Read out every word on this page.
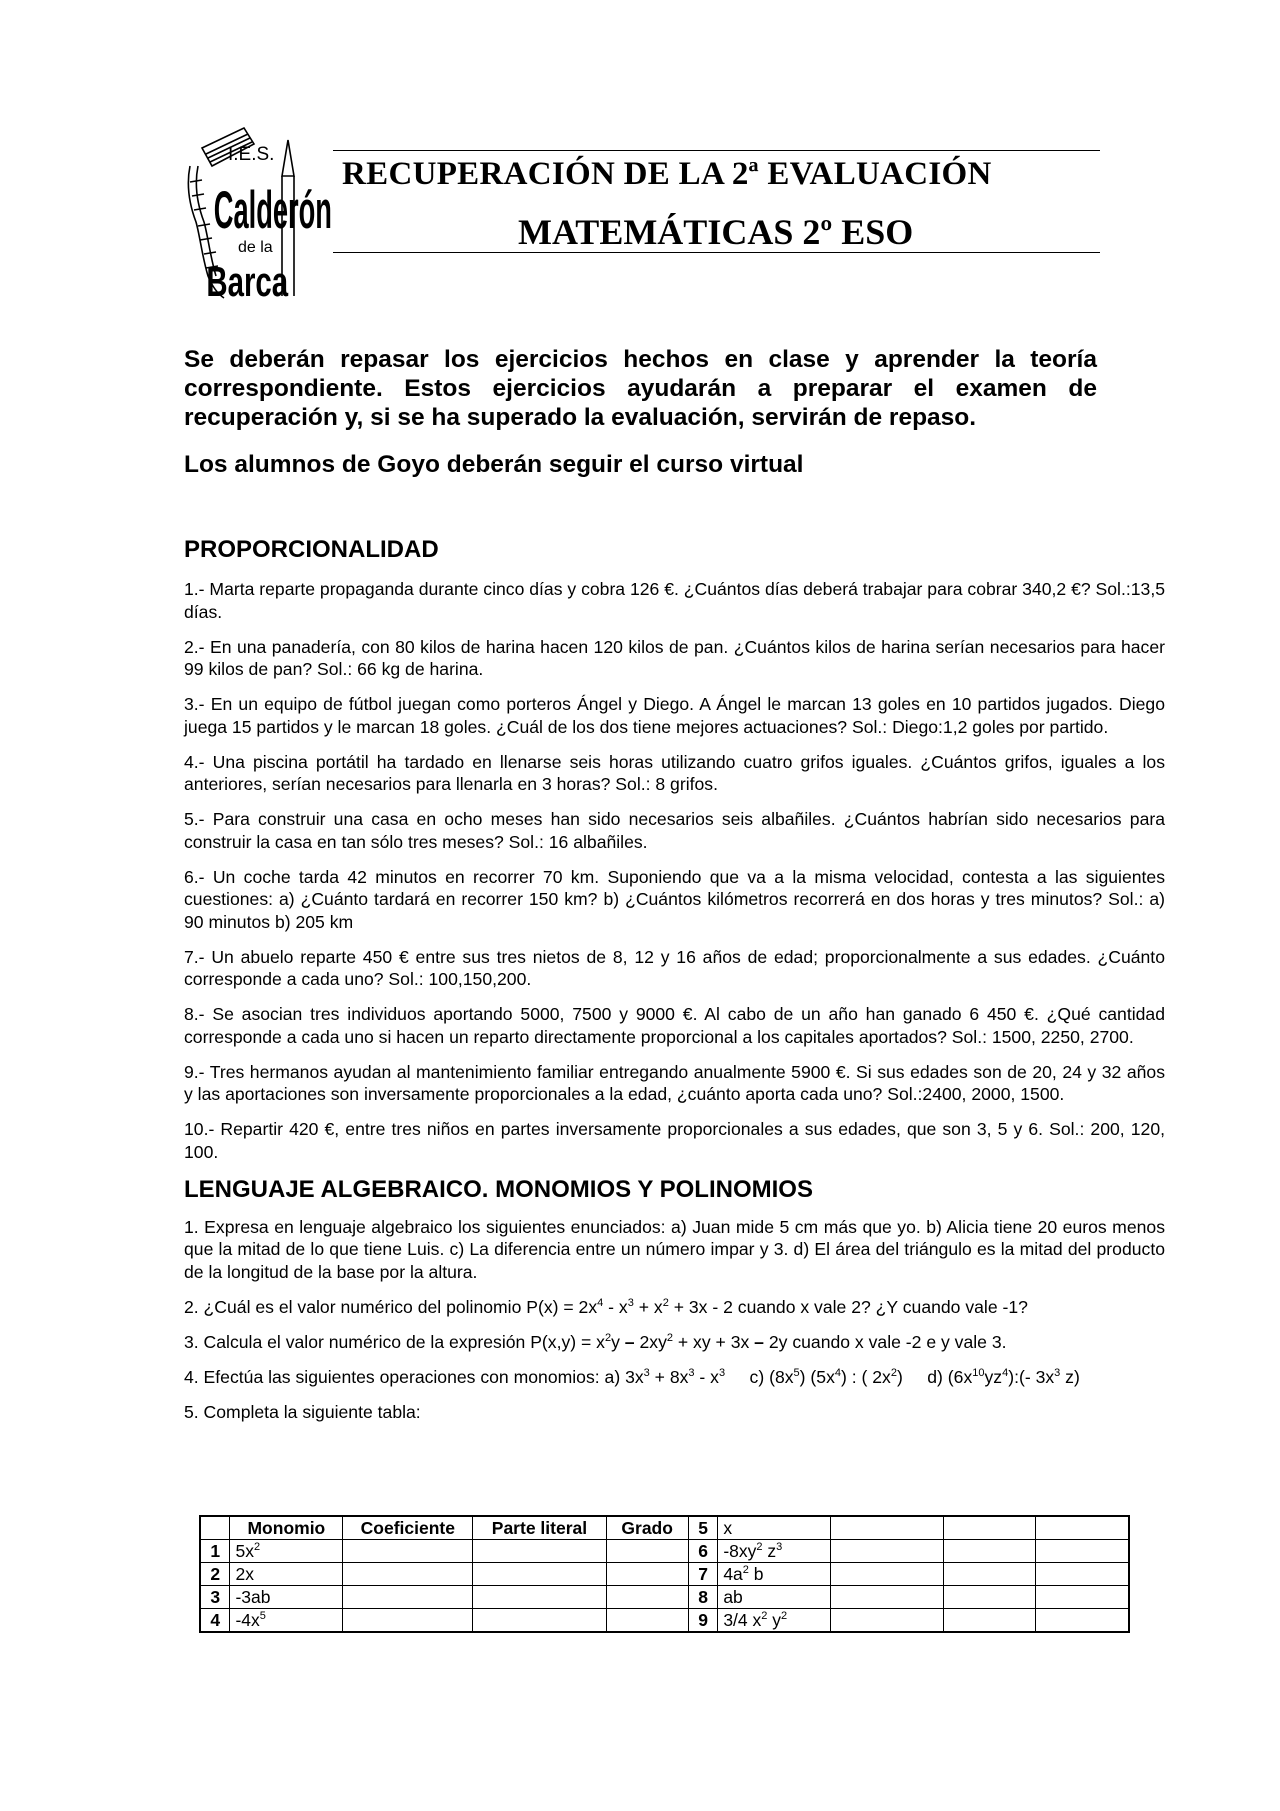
I.E.S.
Calderón
de la
Barca
RECUPERACIÓN DE LA 2ª EVALUACIÓN
MATEMÁTICAS 2º ESO

Se deberán repasar los ejercicios hechos en clase y aprender la teoría correspondiente. Estos ejercicios ayudarán a preparar el examen de recuperación y, si se ha superado la evaluación, servirán de repaso.

Los alumnos de Goyo deberán seguir el curso virtual

PROPORCIONALIDAD

1.- Marta reparte propaganda durante cinco días y cobra 126 €. ¿Cuántos días deberá trabajar para cobrar 340,2 €? Sol.:13,5 días.

2.- En una panadería, con 80 kilos de harina hacen 120 kilos de pan. ¿Cuántos kilos de harina serían necesarios para hacer 99 kilos de pan? Sol.: 66 kg de harina.

3.- En un equipo de fútbol juegan como porteros Ángel y Diego. A Ángel le marcan 13 goles en 10 partidos jugados. Diego juega 15 partidos y le marcan 18 goles. ¿Cuál de los dos tiene mejores actuaciones? Sol.: Diego:1,2 goles por partido.

4.- Una piscina portátil ha tardado en llenarse seis horas utilizando cuatro grifos iguales. ¿Cuántos grifos, iguales a los anteriores, serían necesarios para llenarla en 3 horas? Sol.: 8 grifos.

5.- Para construir una casa en ocho meses han sido necesarios seis albañiles. ¿Cuántos habrían sido necesarios para construir la casa en tan sólo tres meses? Sol.: 16 albañiles.

6.- Un coche tarda 42 minutos en recorrer 70 km. Suponiendo que va a la misma velocidad, contesta a las siguientes cuestiones: a) ¿Cuánto tardará en recorrer 150 km? b) ¿Cuántos kilómetros recorrerá en dos horas y tres minutos? Sol.: a) 90 minutos b) 205 km

7.- Un abuelo reparte 450 € entre sus tres nietos de 8, 12 y 16 años de edad; proporcionalmente a sus edades. ¿Cuánto corresponde a cada uno? Sol.: 100,150,200.

8.- Se asocian tres individuos aportando 5000, 7500 y 9000 €. Al cabo de un año han ganado 6 450 €. ¿Qué cantidad corresponde a cada uno si hacen un reparto directamente proporcional a los capitales aportados? Sol.: 1500, 2250, 2700.

9.- Tres hermanos ayudan al mantenimiento familiar entregando anualmente 5900 €. Si sus edades son de 20, 24 y 32 años y las aportaciones son inversamente proporcionales a la edad, ¿cuánto aporta cada uno? Sol.:2400, 2000, 1500.

10.- Repartir 420 €, entre tres niños en partes inversamente proporcionales a sus edades, que son 3, 5 y 6. Sol.: 200, 120, 100.

LENGUAJE ALGEBRAICO. MONOMIOS Y POLINOMIOS

1. Expresa en lenguaje algebraico los siguientes enunciados: a) Juan mide 5 cm más que yo. b) Alicia tiene 20 euros menos que la mitad de lo que tiene Luis. c) La diferencia entre un número impar y 3. d) El área del triángulo es la mitad del producto de la longitud de la base por la altura.

2. ¿Cuál es el valor numérico del polinomio $P(x) = 2x^4 - x^3 + x^2 + 3x - 2$ cuando x vale 2? ¿Y cuando vale -1?

3. Calcula el valor numérico de la expresión $P(x,y) = x^2y - 2xy^2$ + xy + 3x – 2y cuando x vale -2 e y vale 3.

4. Efectúa las siguientes operaciones con monomios: a) $3x^3 + 8x^3 - x^3$     c) $(8x^5)$ $(5x^4)$ : ( $2x^2$)     d) $(6x^{10}yz^4):(-$ $3x^3$ z)

5. Completa la siguiente tabla:

	Monomio	Coeficiente	Parte literal	Grado	5	x			
1	$5x^2$				6	$-8xy^2$ $z^3$			
2	2x				7	$4a^2$ b			
3	-3ab				8	ab			
4	$-4x^5$				9	3/4 $x^2$ $y^2$			
